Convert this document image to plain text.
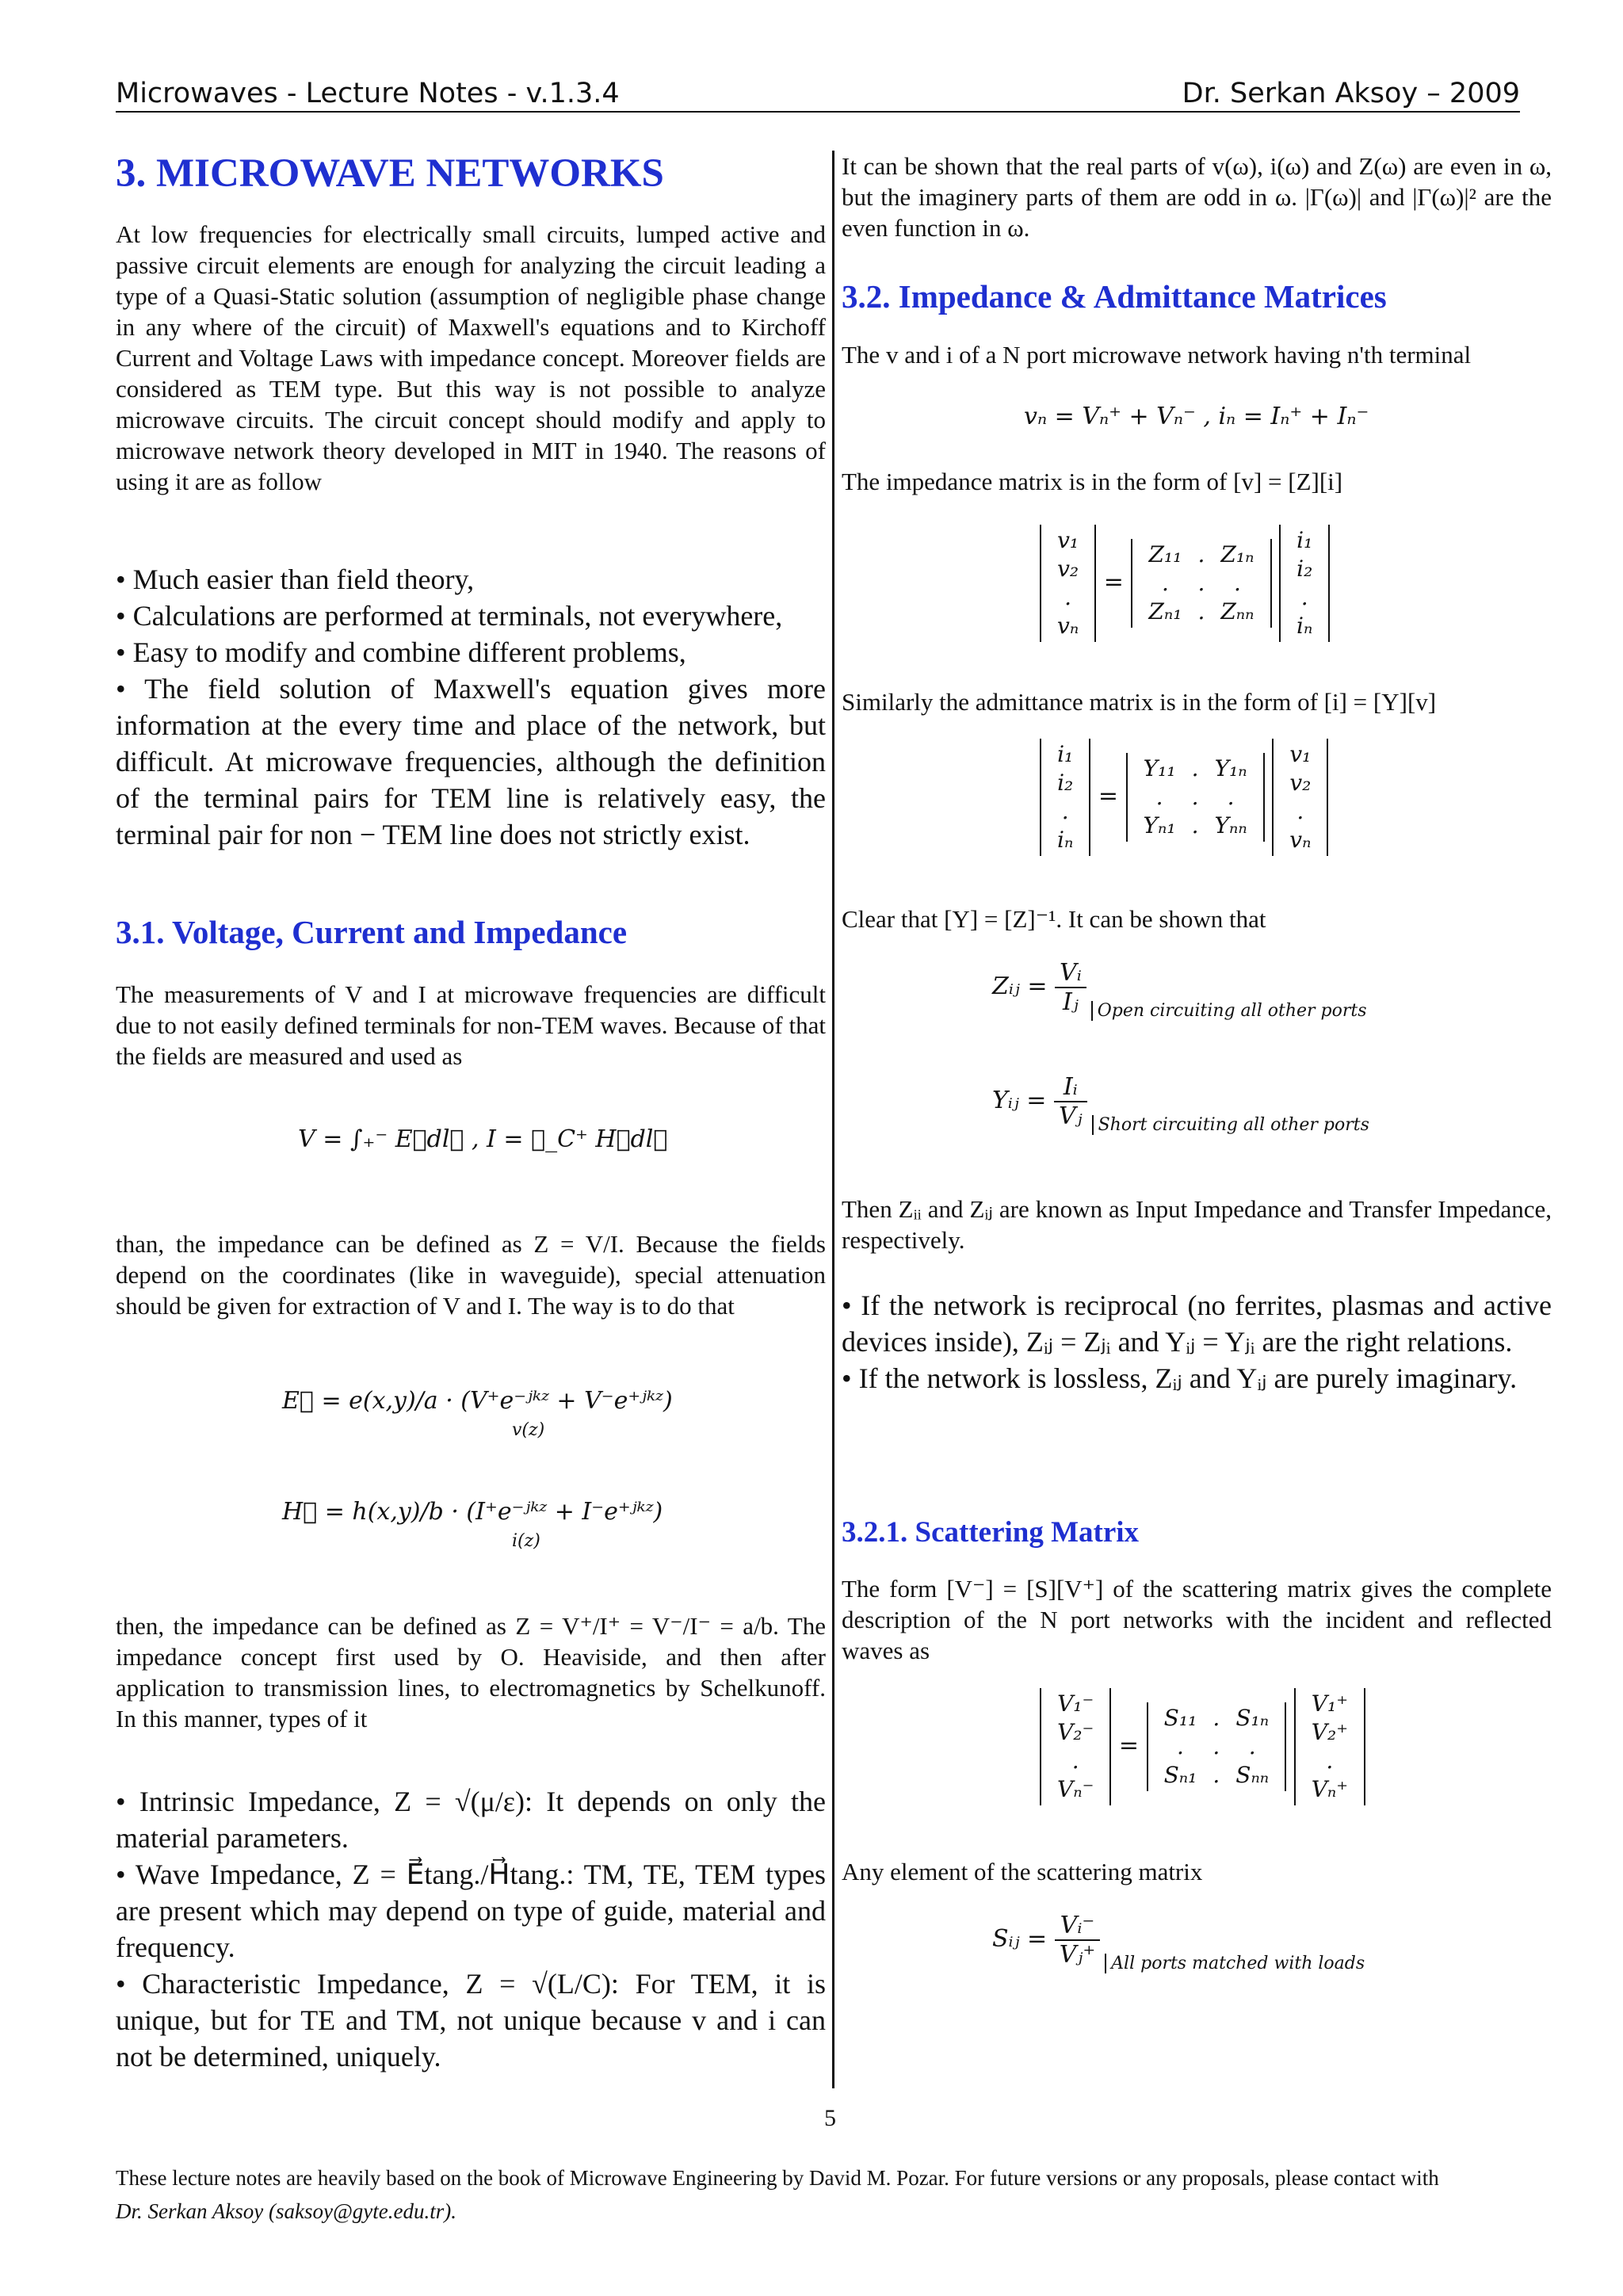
Microwaves - Lecture Notes - v.1.3.4	Dr. Serkan Aksoy – 2009
3. MICROWAVE NETWORKS

At low frequencies for electrically small circuits, lumped active and passive circuit elements are enough for analyzing the circuit leading a type of a Quasi-Static solution (assumption of negligible phase change in any where of the circuit) of Maxwell's equations and to Kirchoff Current and Voltage Laws with impedance concept. Moreover fields are considered as TEM type. But this way is not possible to analyze microwave circuits. The circuit concept should modify and apply to microwave network theory developed in MIT in 1940. The reasons of using it are as follow

• Much easier than field theory,
• Calculations are performed at terminals, not everywhere,
• Easy to modify and combine different problems,
• The field solution of Maxwell's equation gives more information at the every time and place of the network, but difficult. At microwave frequencies, although the definition of the terminal pairs for TEM line is relatively easy, the terminal pair for non − TEM line does not strictly exist.
3.1. Voltage, Current and Impedance

The measurements of V and I at microwave frequencies are difficult due to not easily defined terminals for non-TEM waves. Because of that the fields are measured and used as

V = ∫₊⁻ E⃗dl⃗ , I = ∮_C⁺ H⃗dl⃗

than, the impedance can be defined as Z = V/I. Because the fields depend on the coordinates (like in waveguide), special attenuation should be given for extraction of V and I. The way is to do that

E⃗ = e(x,y)/a · (V⁺e⁻ʲᵏᶻ + V⁻e⁺ʲᵏᶻ)
v(z)
H⃗ = h(x,y)/b · (I⁺e⁻ʲᵏᶻ + I⁻e⁺ʲᵏᶻ)
i(z)

then, the impedance can be defined as Z = V⁺/I⁺ = V⁻/I⁻ = a/b. The impedance concept first used by O. Heaviside, and then after application to transmission lines, to electromagnetics by Schelkunoff. In this manner, types of it

• Intrinsic Impedance, Z = √(μ/ε): It depends on only the material parameters.
• Wave Impedance, Z = E⃗tang./H⃗tang.: TM, TE, TEM types are present which may depend on type of guide, material and frequency.
• Characteristic Impedance, Z = √(L/C): For TEM, it is unique, but for TE and TM, not unique because v and i can not be determined, uniquely.

It can be shown that the real parts of v(ω), i(ω) and Z(ω) are even in ω, but the imaginery parts of them are odd in ω. |Γ(ω)| and |Γ(ω)|² are the even function in ω.

3.2. Impedance & Admittance Matrices

The v and i of a N port microwave network having n'th terminal

vₙ = Vₙ⁺ + Vₙ⁻ , iₙ = Iₙ⁺ + Iₙ⁻

The impedance matrix is in the form of [v] = [Z][i]

v₁
v₂
.
vₙ
=
Z₁₁	.	Z₁ₙ
.	.	.
Zₙ₁	.	Zₙₙ

i₁
i₂
.
iₙ

Similarly the admittance matrix is in the form of [i] = [Y][v]

i₁
i₂
.
iₙ
=
Y₁₁	.	Y₁ₙ
.	.	.
Yₙ₁	.	Yₙₙ

v₁
v₂
.
vₙ

Clear that [Y] = [Z]⁻¹. It can be shown that

Zᵢⱼ = $\frac{\text{Vᵢ}}{\text{Iⱼ}} _{Open circuiting all other ports}$
Yᵢⱼ = $\frac{\text{Iᵢ}}{\text{Vⱼ}} _{Short circuiting all other ports}$

Then Zᵢᵢ and Zᵢⱼ are known as Input Impedance and Transfer Impedance, respectively.

• If the network is reciprocal (no ferrites, plasmas and active devices inside), Zᵢⱼ = Zⱼᵢ and Yᵢⱼ = Yⱼᵢ are the right relations.
• If the network is lossless, Zᵢⱼ and Yᵢⱼ are purely imaginary.
3.2.1. Scattering Matrix

The form [V⁻] = [S][V⁺] of the scattering matrix gives the complete description of the N port networks with the incident and reflected waves as

V₁⁻
V₂⁻
.
Vₙ⁻
=
S₁₁	.	S₁ₙ
.	.	.
Sₙ₁	.	Sₙₙ

V₁⁺
V₂⁺
.
Vₙ⁺

Any element of the scattering matrix

Sᵢⱼ = $\frac{\text{Vᵢ⁻}}{\text{Vⱼ⁺}} _{All ports matched with loads}$
5
These lecture notes are heavily based on the book of Microwave Engineering by David M. Pozar. For future versions or any proposals, please contact with
Dr. Serkan Aksoy (saksoy@gyte.edu.tr).
